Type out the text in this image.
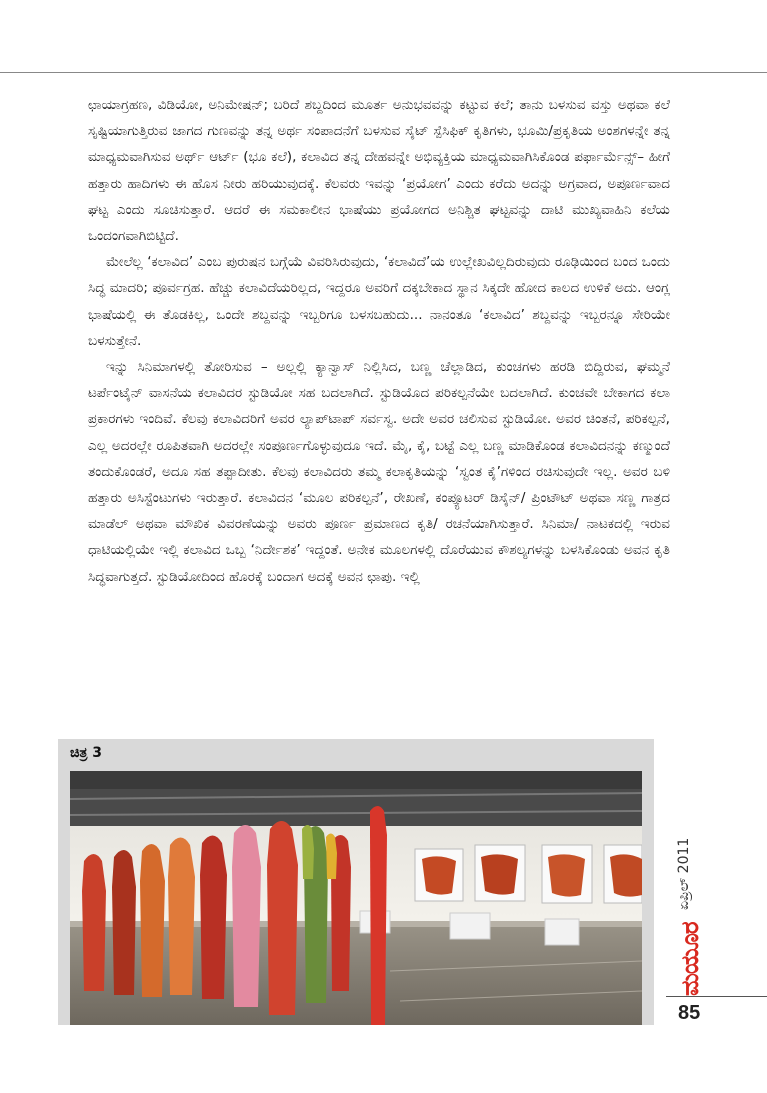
ಛಾಯಾಗ್ರಹಣ, ವಿಡಿಯೋ, ಅನಿಮೇಷನ್; ಬರಿದೆ ಶಬ್ದದಿಂದ ಮೂರ್ತ ಅನುಭವವನ್ನು ಕಟ್ಟುವ ಕಲೆ; ತಾನು ಬಳಸುವ ವಸ್ತು ಅಥವಾ ಕಲೆ ಸೃಷ್ಟಿಯಾಗುತ್ತಿರುವ ಜಾಗದ ಗುಣವನ್ನು ತನ್ನ ಅರ್ಥ ಸಂಪಾದನೆಗೆ ಬಳಸುವ ಸೈಟ್ ಸ್ಪೆಸಿಫಿಕ್ ಕೃತಿಗಳು, ಭೂಮಿ/ಪ್ರಕೃತಿಯ ಅಂಶಗಳನ್ನೇ ತನ್ನ ಮಾಧ್ಯಮವಾಗಿಸುವ ಅರ್ಥ್ ಆರ್ಟ್ (ಭೂ ಕಲೆ), ಕಲಾವಿದ ತನ್ನ ದೇಹವನ್ನೇ ಅಭಿವ್ಯಕ್ತಿಯ ಮಾಧ್ಯಮವಾಗಿಸಿಕೊಂಡ ಪರ್ಫಾರ್ಮೆನ್ಸ್– ಹೀಗೆ ಹತ್ತಾರು ಹಾದಿಗಳು ಈ ಹೊಸ ನೀರು ಹರಿಯುವುದಕ್ಕೆ. ಕೆಲವರು ಇವನ್ನು ‘ಪ್ರಯೋಗ’ ಎಂದು ಕರೆದು ಅದನ್ನು ಅಗ್ರವಾದ, ಅಪೂರ್ಣವಾದ ಘಟ್ಟ ಎಂದು ಸೂಚಿಸುತ್ತಾರೆ. ಆದರೆ ಈ ಸಮಕಾಲೀನ ಭಾಷೆಯು ಪ್ರಯೋಗದ ಅನಿಶ್ಚಿತ ಘಟ್ಟವನ್ನು ದಾಟಿ ಮುಖ್ಯವಾಹಿನಿ ಕಲೆಯ ಒಂದಂಗವಾಗಿಬಿಟ್ಟಿದೆ.

ಮೇಲೆಲ್ಲ ‘ಕಲಾವಿದ’ ಎಂಬ ಪುರುಷನ ಬಗ್ಗೆಯೆ ವಿವರಿಸಿರುವುದು, ‘ಕಲಾವಿದೆ’ಯ ಉಲ್ಲೇಖವಿಲ್ಲದಿರುವುದು ರೂಢಿಯಿಂದ ಬಂದ ಒಂದು ಸಿದ್ಧ ಮಾದರಿ; ಪೂರ್ವಗ್ರಹ. ಹೆಚ್ಚು ಕಲಾವಿದೆಯರಿಲ್ಲದ, ಇದ್ದರೂ ಅವರಿಗೆ ದಕ್ಕಬೇಕಾದ ಸ್ಥಾನ ಸಿಕ್ಕದೇ ಹೋದ ಕಾಲದ ಉಳಿಕೆ ಅದು. ಆಂಗ್ಲ ಭಾಷೆಯಲ್ಲಿ ಈ ತೊಡಕಿಲ್ಲ, ಒಂದೇ ಶಬ್ದವನ್ನು ಇಬ್ಬರಿಗೂ ಬಳಸಬಹುದು... ನಾನಂತೂ ‘ಕಲಾವಿದ’ ಶಬ್ದವನ್ನು ಇಬ್ಬರನ್ನೂ ಸೇರಿಯೇ ಬಳಸುತ್ತೇನೆ.

ಇನ್ನು ಸಿನಿಮಾಗಳಲ್ಲಿ ತೋರಿಸುವ – ಅಲ್ಲಲ್ಲಿ ಕ್ಯಾನ್ವಾಸ್ ನಿಲ್ಲಿಸಿದ, ಬಣ್ಣ ಚೆಲ್ಲಾಡಿದ, ಕುಂಚಗಳು ಹರಡಿ ಬಿದ್ದಿರುವ, ಘಮ್ಮನೆ ಟರ್ಪೆಂಟೈನ್ ವಾಸನೆಯ ಕಲಾವಿದರ ಸ್ಟುಡಿಯೋ ಸಹ ಬದಲಾಗಿದೆ. ಸ್ಟುಡಿಯೊದ ಪರಿಕಲ್ಪನೆಯೇ ಬದಲಾಗಿದೆ. ಕುಂಚವೇ ಬೇಕಾಗದ ಕಲಾ ಪ್ರಕಾರಗಳು ಇಂದಿವೆ. ಕೆಲವು ಕಲಾವಿದರಿಗೆ ಅವರ ಲ್ಯಾಪ್‌ಟಾಪ್ ಸರ್ವಸ್ವ. ಅದೇ ಅವರ ಚಲಿಸುವ ಸ್ಟುಡಿಯೋ. ಅವರ ಚಿಂತನೆ, ಪರಿಕಲ್ಪನೆ, ಎಲ್ಲ ಅದರಲ್ಲೇ ರೂಪಿತವಾಗಿ ಅದರಲ್ಲೇ ಸಂಪೂರ್ಣಗೊಳ್ಳುವುದೂ ಇದೆ. ಮೈ, ಕೈ, ಬಟ್ಟೆ ಎಲ್ಲ ಬಣ್ಣ ಮಾಡಿಕೊಂಡ ಕಲಾವಿದನನ್ನು ಕಣ್ಮುಂದೆ ತಂದುಕೊಂಡರೆ, ಅದೂ ಸಹ ತಪ್ಪಾದೀತು. ಕೆಲವು ಕಲಾವಿದರು ತಮ್ಮ ಕಲಾಕೃತಿಯನ್ನು ‘ಸ್ವಂತ ಕೈ’ಗಳಿಂದ ರಚಿಸುವುದೇ ಇಲ್ಲ. ಅವರ ಬಳಿ ಹತ್ತಾರು ಅಸಿಸ್ಟೆಂಟುಗಳು ಇರುತ್ತಾರೆ. ಕಲಾವಿದನ ‘ಮೂಲ ಪರಿಕಲ್ಪನೆ’, ರೇಖಣೆ, ಕಂಪ್ಯೂಟರ್ ಡಿಸೈನ್/ ಪ್ರಿಂಟೌಟ್ ಅಥವಾ ಸಣ್ಣ ಗಾತ್ರದ ಮಾಡೆಲ್ ಅಥವಾ ಮೌಖಿಕ ವಿವರಣೆಯನ್ನು ಅವರು ಪೂರ್ಣ ಪ್ರಮಾಣದ ಕೃತಿ/ ರಚನೆಯಾಗಿಸುತ್ತಾರೆ. ಸಿನಿಮಾ/ ನಾಟಕದಲ್ಲಿ ಇರುವ ಧಾಟಿಯಲ್ಲಿಯೇ ಇಲ್ಲಿ ಕಲಾವಿದ ಒಬ್ಬ ‘ನಿರ್ದೇಶಕ’ ಇದ್ದಂತೆ. ಅನೇಕ ಮೂಲಗಳಲ್ಲಿ ದೊರೆಯುವ ಕೌಶಲ್ಯಗಳನ್ನು ಬಳಸಿಕೊಂಡು ಅವನ ಕೃತಿ ಸಿದ್ಧವಾಗುತ್ತದೆ. ಸ್ಟುಡಿಯೋದಿಂದ ಹೊರಕ್ಕೆ ಬಂದಾಗ ಅದಕ್ಕೆ ಅವನ ಛಾಪು. ಇಲ್ಲಿ

ಚಿತ್ರ 3
ಏಪ್ರಿಲ್ 2011
ಮಯೂರ
85
